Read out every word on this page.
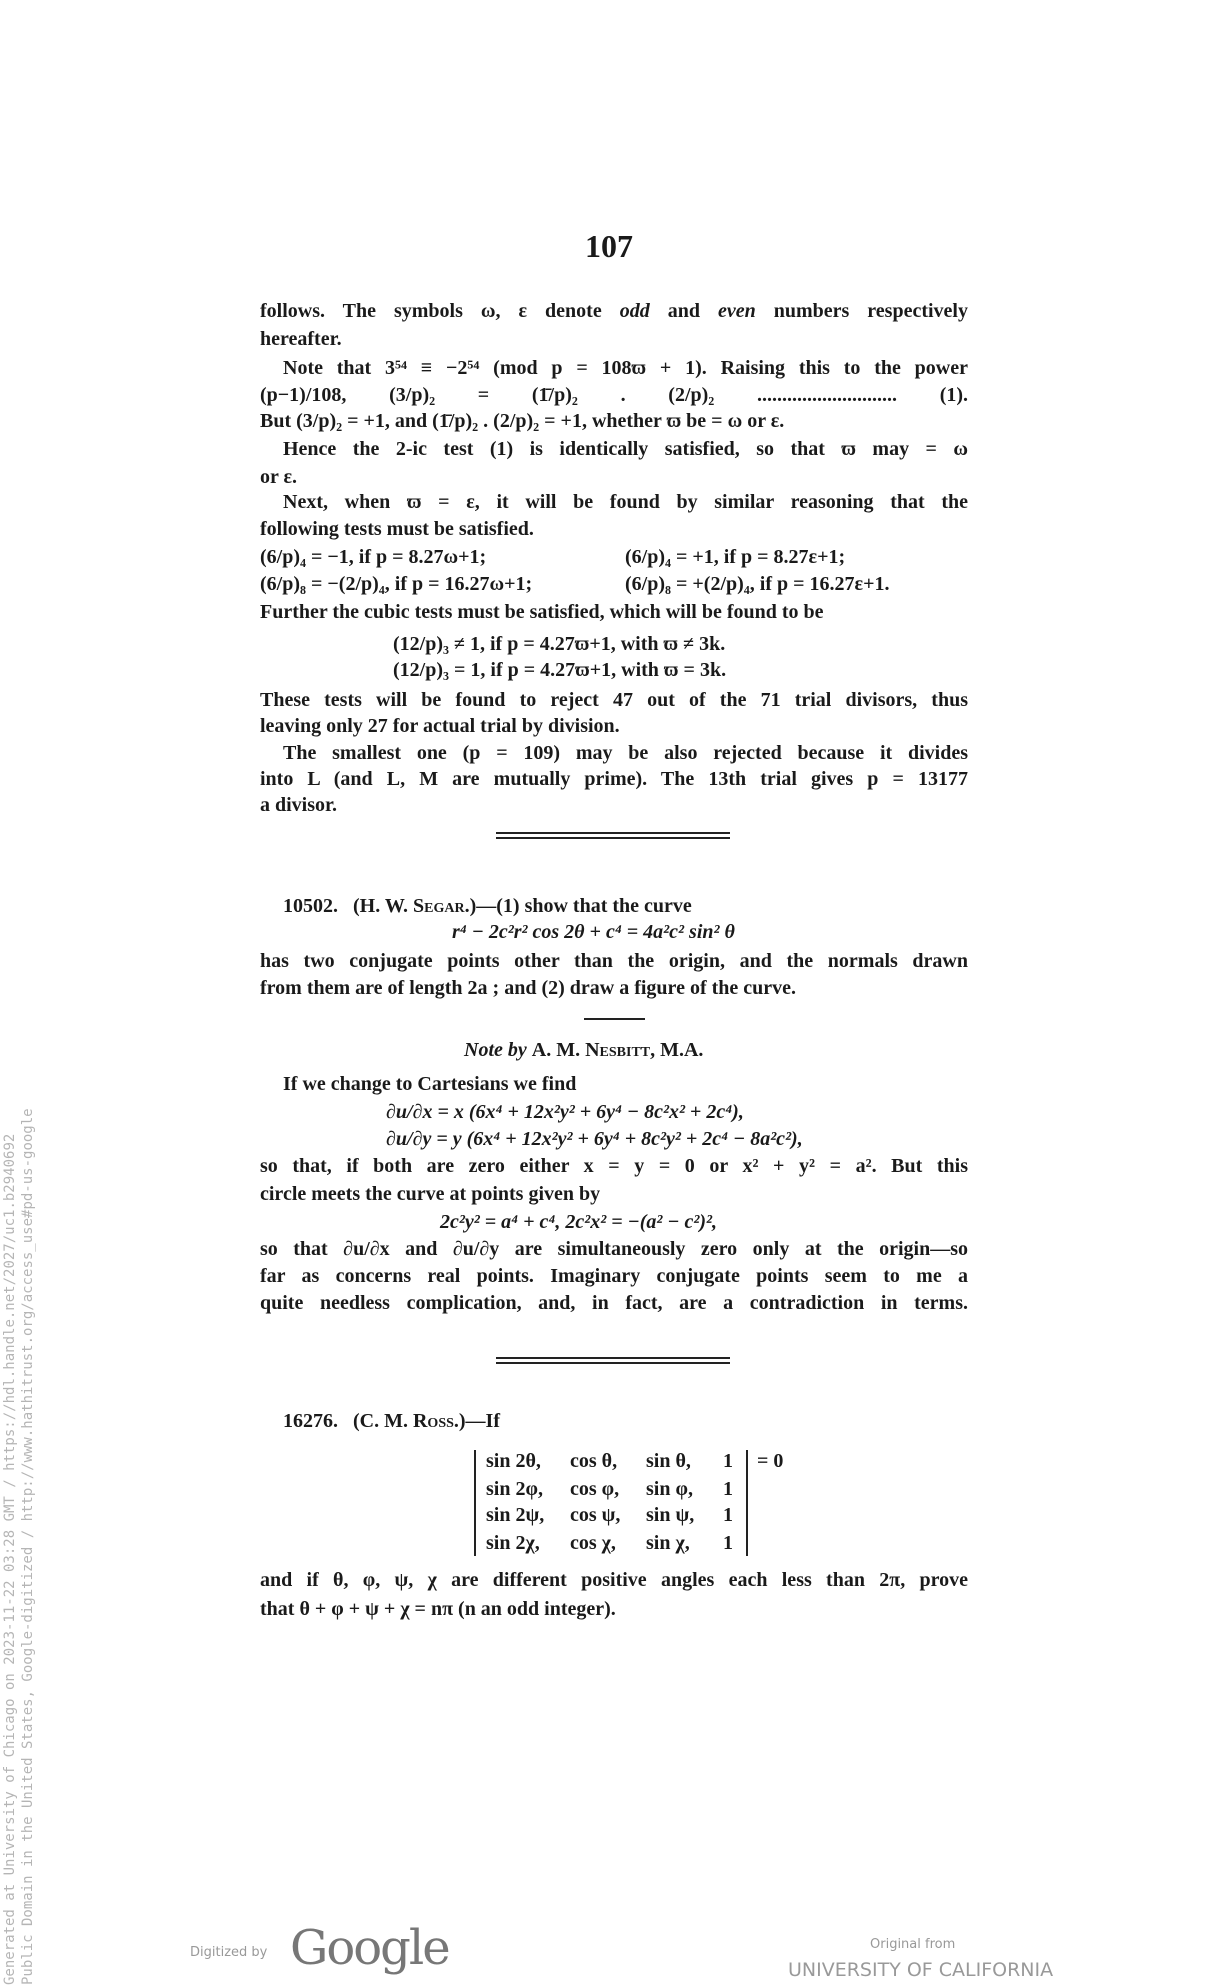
107
follows. The symbols ω, ε denote odd and even numbers respectively
hereafter.
Note that 3⁵⁴ ≡ −2⁵⁴ (mod p = 108ϖ + 1). Raising this to the power
(p−1)/108, (3/p)₂ = (1̄/p)₂ . (2/p)₂ ............................ (1).
But (3/p)₂ = +1, and (1̄/p)₂ . (2/p)₂ = +1, whether ϖ be = ω or ε.
Hence the 2-ic test (1) is identically satisfied, so that ϖ may = ω
or ε.
Next, when ϖ = ε, it will be found by similar reasoning that the
following tests must be satisfied.
(6/p)₄ = −1, if p = 8.27ω+1;	(6/p)₄ = +1, if p = 8.27ε+1;
(6/p)₈ = −(2/p)₄, if p = 16.27ω+1;	(6/p)₈ = +(2/p)₄, if p = 16.27ε+1.
Further the cubic tests must be satisfied, which will be found to be
(12/p)₃ ≠ 1, if p = 4.27ϖ+1, with ϖ ≠ 3k.
(12/p)₃ = 1, if p = 4.27ϖ+1, with ϖ = 3k.
These tests will be found to reject 47 out of the 71 trial divisors, thus
leaving only 27 for actual trial by division.
The smallest one (p = 109) may be also rejected because it divides
into L (and L, M are mutually prime). The 13th trial gives p = 13177
a divisor.
10502. (H. W. Segar.)—(1) show that the curve
r⁴ − 2c²r² cos 2θ + c⁴ = 4a²c² sin² θ
has two conjugate points other than the origin, and the normals drawn
from them are of length 2a ; and (2) draw a figure of the curve.
Note by A. M. Nesbitt, M.A.
If we change to Cartesians we find
∂u/∂x = x (6x⁴ + 12x²y² + 6y⁴ − 8c²x² + 2c⁴),
∂u/∂y = y (6x⁴ + 12x²y² + 6y⁴ + 8c²y² + 2c⁴ − 8a²c²),
so that, if both are zero either x = y = 0 or x² + y² = a². But this
circle meets the curve at points given by
2c²y² = a⁴ + c⁴, 2c²x² = −(a² − c²)²,
so that ∂u/∂x and ∂u/∂y are simultaneously zero only at the origin—so
far as concerns real points. Imaginary conjugate points seem to me a
quite needless complication, and, in fact, are a contradiction in terms.
16276. (C. M. Ross.)—If
sin 2θ, cos θ, sin θ, 1
sin 2φ, cos φ, sin φ, 1
sin 2ψ, cos ψ, sin ψ, 1
sin 2χ, cos χ, sin χ, 1
= 0
and if θ, φ, ψ, χ are different positive angles each less than 2π, prove
that θ + φ + ψ + χ = nπ (n an odd integer).
Generated at University of Chicago on 2023-11-22 03:28 GMT / https://hdl.handle.net/2027/uc1.b2940692 Public Domain in the United States, Google-digitized / http://www.hathitrust.org/access_use#pd-us-google	Digitized by Google	Original from
UNIVERSITY OF CALIFORNIA
